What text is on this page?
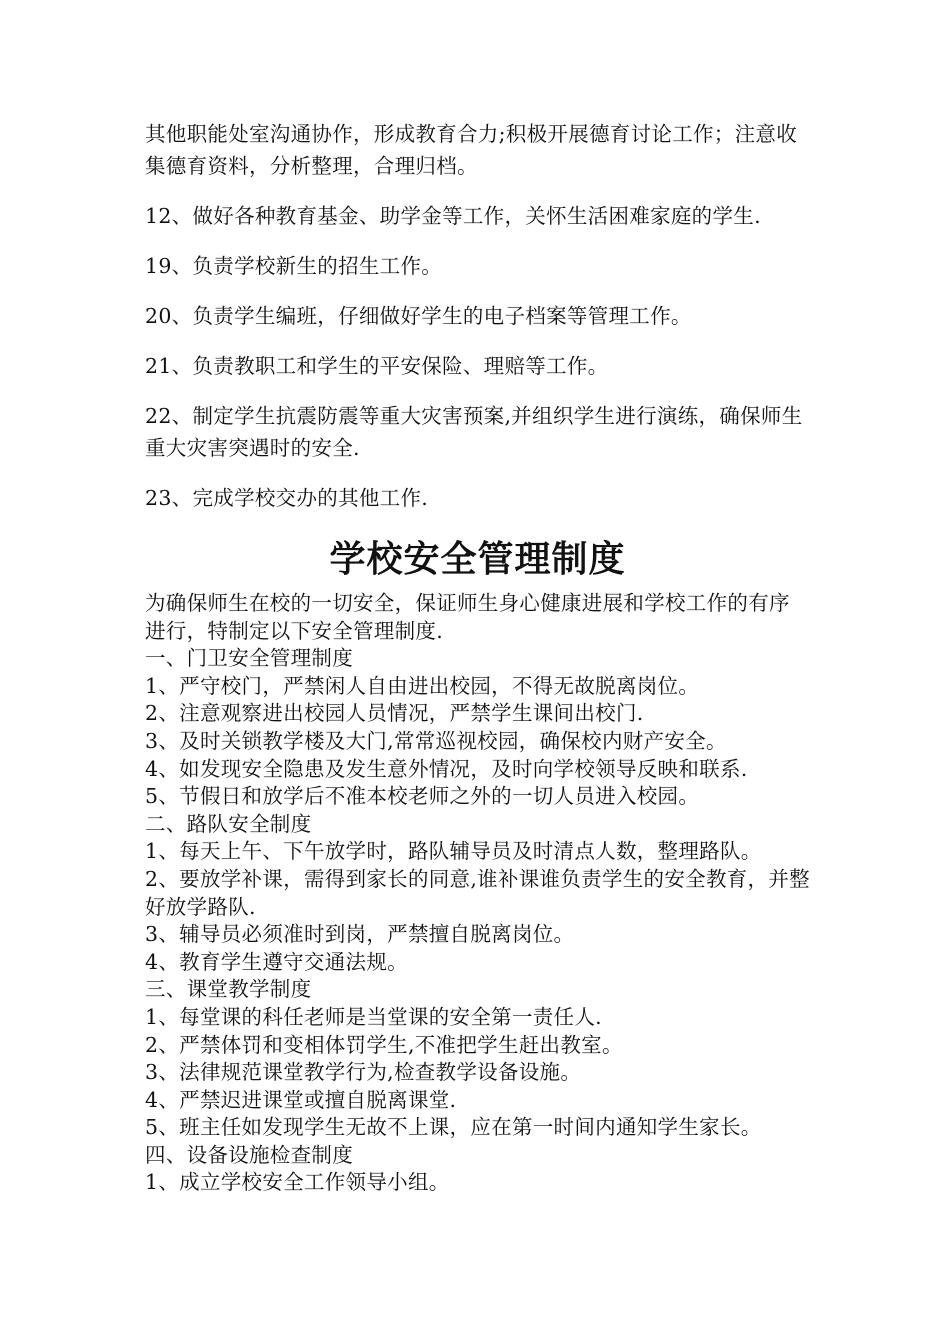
其他职能处室沟通协作，形成教育合力;积极开展德育讨论工作；注意收集德育资料，分析整理，合理归档。

12、做好各种教育基金、助学金等工作，关怀生活困难家庭的学生.

19、负责学校新生的招生工作。

20、负责学生编班，仔细做好学生的电子档案等管理工作。

21、负责教职工和学生的平安保险、理赔等工作。

22、制定学生抗震防震等重大灾害预案,并组织学生进行演练，确保师生重大灾害突遇时的安全.

23、完成学校交办的其他工作.

学校安全管理制度

为确保师生在校的一切安全，保证师生身心健康进展和学校工作的有序进行，特制定以下安全管理制度.

一、门卫安全管理制度

1、严守校门，严禁闲人自由进出校园，不得无故脱离岗位。

2、注意观察进出校园人员情况，严禁学生课间出校门.

3、及时关锁教学楼及大门,常常巡视校园，确保校内财产安全。

4、如发现安全隐患及发生意外情况，及时向学校领导反映和联系.

5、节假日和放学后不准本校老师之外的一切人员进入校园。

二、路队安全制度

1、每天上午、下午放学时，路队辅导员及时清点人数，整理路队。

2、要放学补课，需得到家长的同意,谁补课谁负责学生的安全教育，并整好放学路队.

3、辅导员必须准时到岗，严禁擅自脱离岗位。

4、教育学生遵守交通法规。

三、课堂教学制度

1、每堂课的科任老师是当堂课的安全第一责任人.

2、严禁体罚和变相体罚学生,不准把学生赶出教室。

3、法律规范课堂教学行为,检查教学设备设施。

4、严禁迟进课堂或擅自脱离课堂.

5、班主任如发现学生无故不上课，应在第一时间内通知学生家长。

四、设备设施检查制度

1、成立学校安全工作领导小组。
